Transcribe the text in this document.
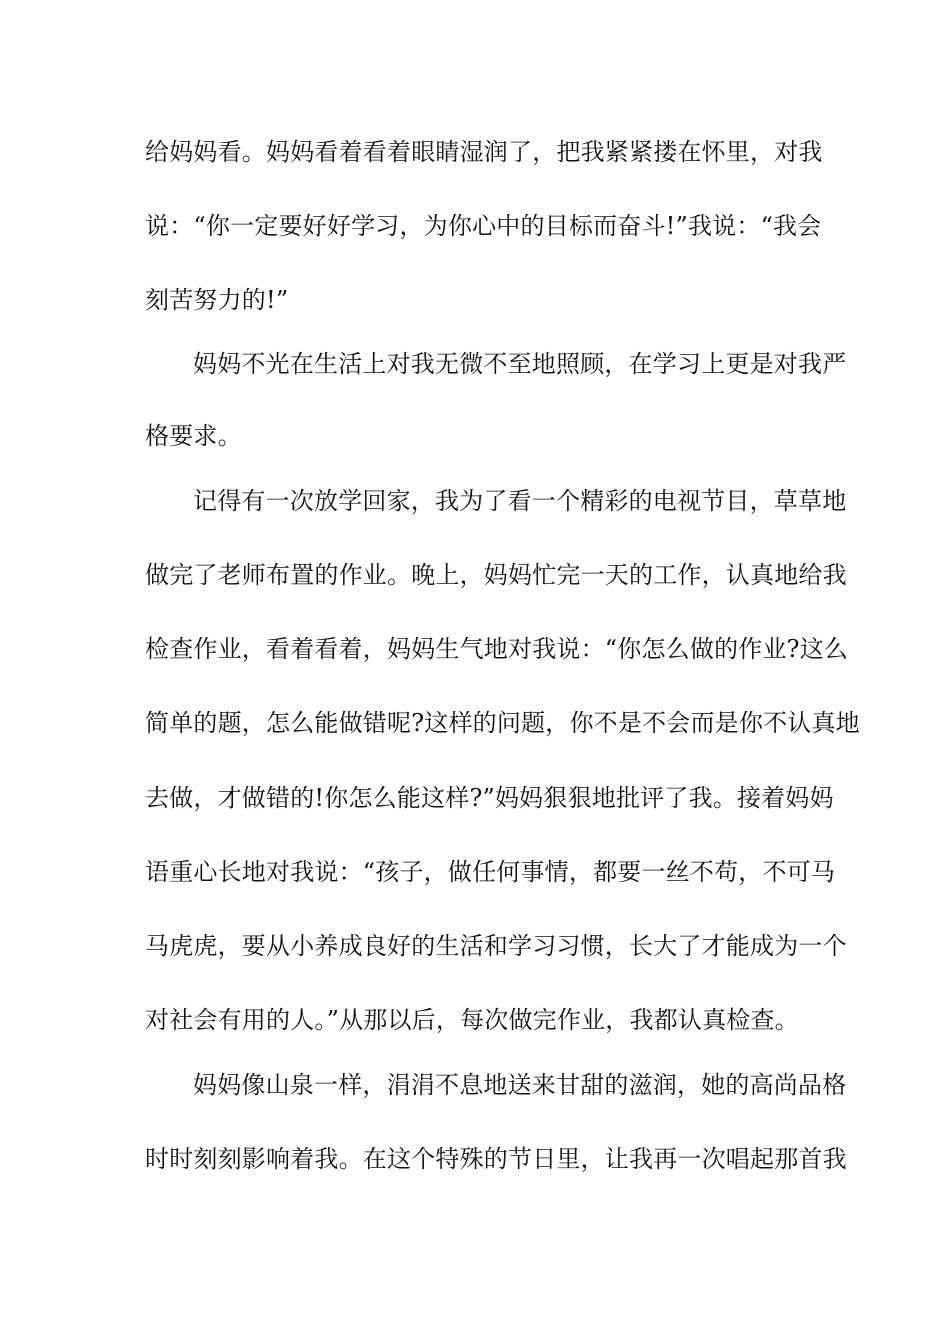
给妈妈看。妈妈看着看着眼睛湿润了，把我紧紧搂在怀里，对我
说：“你一定要好好学习，为你心中的目标而奋斗!”我说：“我会
刻苦努力的!”
妈妈不光在生活上对我无微不至地照顾，在学习上更是对我严
格要求。
记得有一次放学回家，我为了看一个精彩的电视节目，草草地
做完了老师布置的作业。晚上，妈妈忙完一天的工作，认真地给我
检查作业，看着看着，妈妈生气地对我说：“你怎么做的作业?这么
简单的题，怎么能做错呢?这样的问题，你不是不会而是你不认真地
去做，才做错的!你怎么能这样?”妈妈狠狠地批评了我。接着妈妈
语重心长地对我说：“孩子，做任何事情，都要一丝不苟，不可马
马虎虎，要从小养成良好的生活和学习习惯，长大了才能成为一个
对社会有用的人。”从那以后，每次做完作业，我都认真检查。
妈妈像山泉一样，涓涓不息地送来甘甜的滋润，她的高尚品格
时时刻刻影响着我。在这个特殊的节日里，让我再一次唱起那首我
